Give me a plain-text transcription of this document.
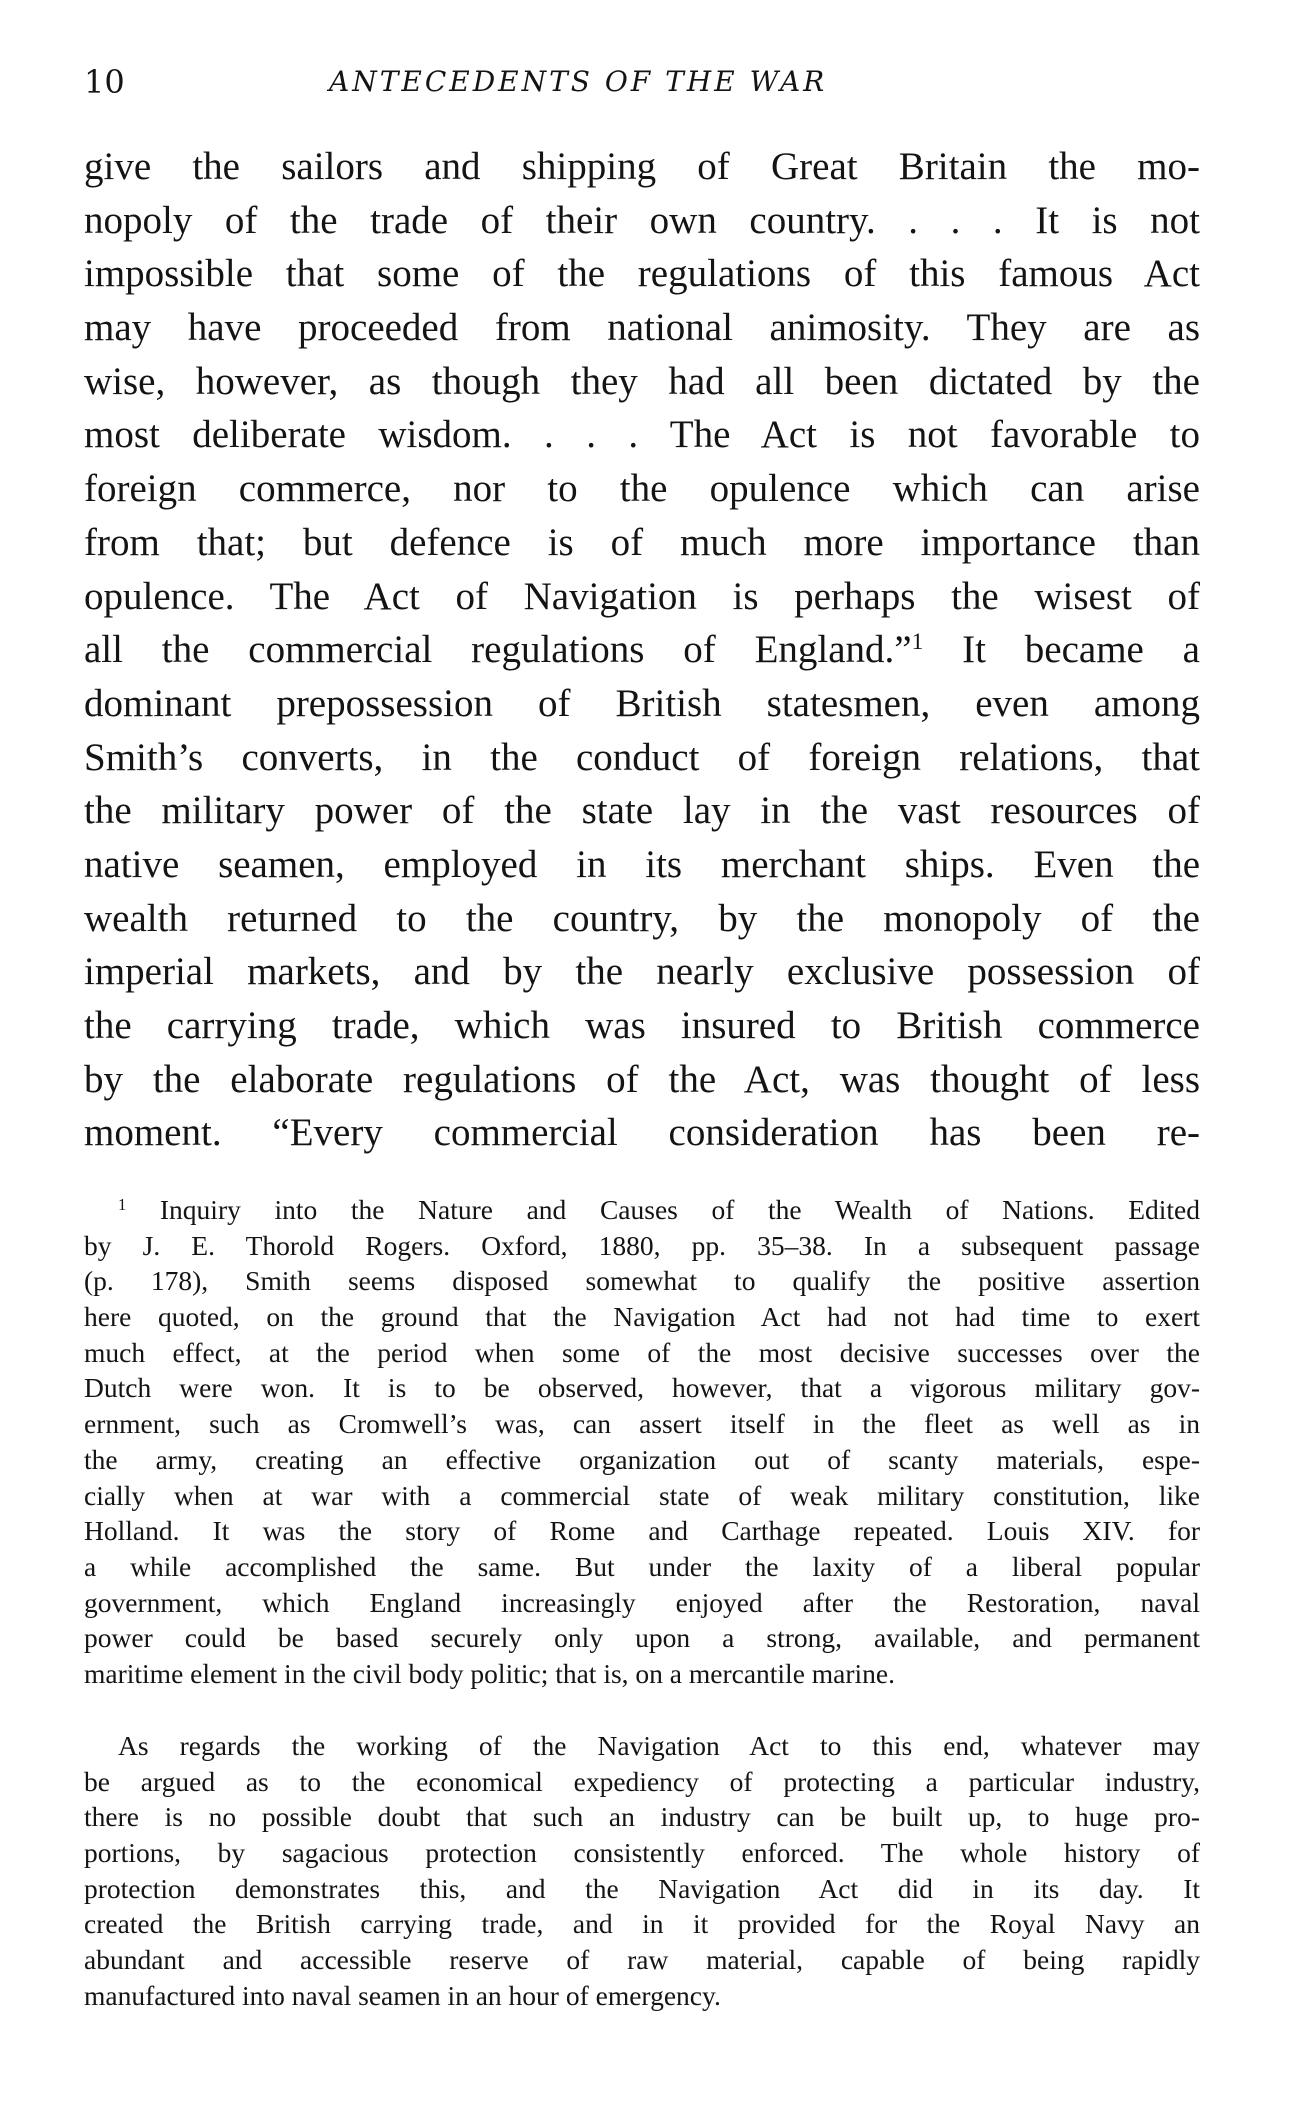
10	ANTECEDENTS OF THE WAR
give the sailors and shipping of Great Britain the mo-
nopoly of the trade of their own country. . . . It is not
impossible that some of the regulations of this famous Act
may have proceeded from national animosity. They are as
wise, however, as though they had all been dictated by the
most deliberate wisdom. . . . The Act is not favorable to
foreign commerce, nor to the opulence which can arise
from that; but defence is of much more importance than
opulence. The Act of Navigation is perhaps the wisest of
all the commercial regulations of England.”$^1$ It became a
dominant prepossession of British statesmen, even among
Smith’s converts, in the conduct of foreign relations, that
the military power of the state lay in the vast resources of
native seamen, employed in its merchant ships. Even the
wealth returned to the country, by the monopoly of the
imperial markets, and by the nearly exclusive possession of
the carrying trade, which was insured to British commerce
by the elaborate regulations of the Act, was thought of less
moment. “Every commercial consideration has been re-
$^1$ Inquiry into the Nature and Causes of the Wealth of Nations. Edited
by J. E. Thorold Rogers. Oxford, 1880, pp. 35–38. In a subsequent passage
(p. 178), Smith seems disposed somewhat to qualify the positive assertion
here quoted, on the ground that the Navigation Act had not had time to exert
much effect, at the period when some of the most decisive successes over the
Dutch were won. It is to be observed, however, that a vigorous military gov-
ernment, such as Cromwell’s was, can assert itself in the fleet as well as in
the army, creating an effective organization out of scanty materials, espe-
cially when at war with a commercial state of weak military constitution, like
Holland. It was the story of Rome and Carthage repeated. Louis XIV. for
a while accomplished the same. But under the laxity of a liberal popular
government, which England increasingly enjoyed after the Restoration, naval
power could be based securely only upon a strong, available, and permanent
maritime element in the civil body politic; that is, on a mercantile marine.
As regards the working of the Navigation Act to this end, whatever may
be argued as to the economical expediency of protecting a particular industry,
there is no possible doubt that such an industry can be built up, to huge pro-
portions, by sagacious protection consistently enforced. The whole history of
protection demonstrates this, and the Navigation Act did in its day. It
created the British carrying trade, and in it provided for the Royal Navy an
abundant and accessible reserve of raw material, capable of being rapidly
manufactured into naval seamen in an hour of emergency.
